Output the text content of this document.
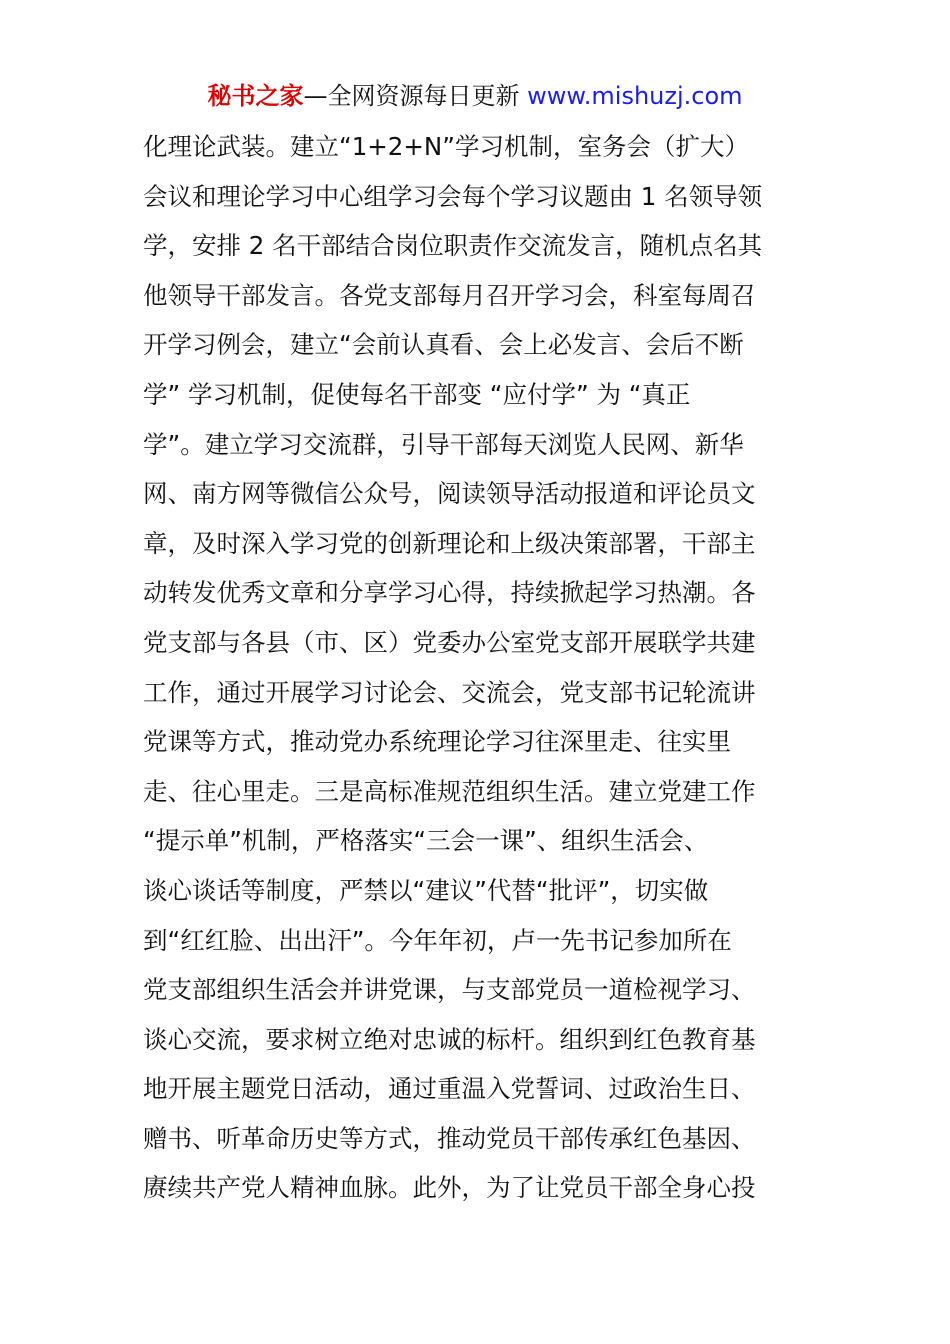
秘书之家—全网资源每日更新 www.mishuzj.com
化理论武装。建立“1+2+N”学习机制，室务会（扩大）
会议和理论学习中心组学习会每个学习议题由 1 名领导领
学，安排 2 名干部结合岗位职责作交流发言，随机点名其
他领导干部发言。各党支部每月召开学习会，科室每周召
开学习例会，建立“会前认真看、会上必发言、会后不断
学” 学习机制，促使每名干部变 “应付学” 为 “真正
学”。建立学习交流群，引导干部每天浏览人民网、新华
网、南方网等微信公众号，阅读领导活动报道和评论员文
章，及时深入学习党的创新理论和上级决策部署，干部主
动转发优秀文章和分享学习心得，持续掀起学习热潮。各
党支部与各县（市、区）党委办公室党支部开展联学共建
工作，通过开展学习讨论会、交流会，党支部书记轮流讲
党课等方式，推动党办系统理论学习往深里走、往实里
走、往心里走。三是高标准规范组织生活。建立党建工作
“提示单”机制，严格落实“三会一课”、组织生活会、
谈心谈话等制度，严禁以“建议”代替“批评”，切实做
到“红红脸、出出汗”。今年年初，卢一先书记参加所在
党支部组织生活会并讲党课，与支部党员一道检视学习、
谈心交流，要求树立绝对忠诚的标杆。组织到红色教育基
地开展主题党日活动，通过重温入党誓词、过政治生日、
赠书、听革命历史等方式，推动党员干部传承红色基因、
赓续共产党人精神血脉。此外，为了让党员干部全身心投
